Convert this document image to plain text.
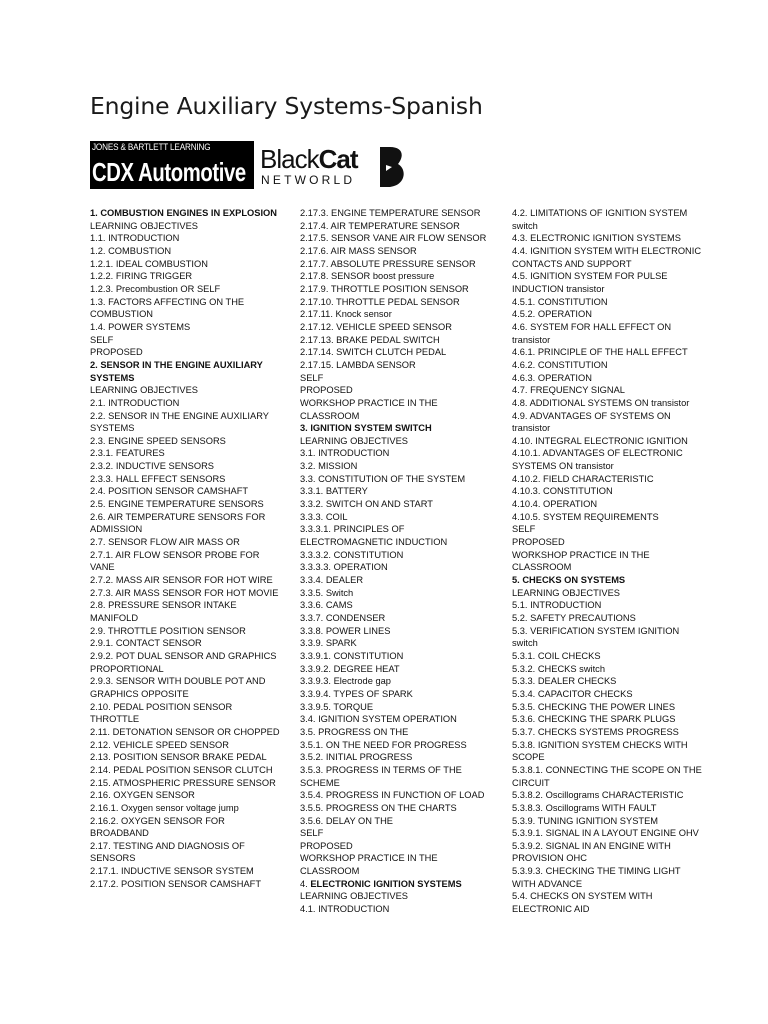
Engine Auxiliary Systems-Spanish
JONES & BARTLETT LEARNING
CDX Automotive BlackCat
NETWORLD
1. COMBUSTION ENGINES IN EXPLOSION
LEARNING OBJECTIVES
1.1. INTRODUCTION
1.2. COMBUSTION
1.2.1. IDEAL COMBUSTION
1.2.2. FIRING TRIGGER
1.2.3. Precombustion OR SELF
1.3. FACTORS AFFECTING ON THE COMBUSTION
1.4. POWER SYSTEMS
SELF
PROPOSED
2. SENSOR IN THE ENGINE AUXILIARY SYSTEMS
LEARNING OBJECTIVES
2.1. INTRODUCTION
2.2. SENSOR IN THE ENGINE AUXILIARY SYSTEMS
2.3. ENGINE SPEED SENSORS
2.3.1. FEATURES
2.3.2. INDUCTIVE SENSORS
2.3.3. HALL EFFECT SENSORS
2.4. POSITION SENSOR CAMSHAFT
2.5. ENGINE TEMPERATURE SENSORS
2.6. AIR TEMPERATURE SENSORS FOR ADMISSION
2.7. SENSOR FLOW AIR MASS OR
2.7.1. AIR FLOW SENSOR PROBE FOR VANE
2.7.2. MASS AIR SENSOR FOR HOT WIRE
2.7.3. AIR MASS SENSOR FOR HOT MOVIE
2.8. PRESSURE SENSOR INTAKE MANIFOLD
2.9. THROTTLE POSITION SENSOR
2.9.1. CONTACT SENSOR
2.9.2. POT DUAL SENSOR AND GRAPHICS PROPORTIONAL
2.9.3. SENSOR WITH DOUBLE POT AND GRAPHICS OPPOSITE
2.10. PEDAL POSITION SENSOR THROTTLE
2.11. DETONATION SENSOR OR CHOPPED
2.12. VEHICLE SPEED SENSOR
2.13. POSITION SENSOR BRAKE PEDAL
2.14. PEDAL POSITION SENSOR CLUTCH
2.15. ATMOSPHERIC PRESSURE SENSOR
2.16. OXYGEN SENSOR
2.16.1. Oxygen sensor voltage jump
2.16.2. OXYGEN SENSOR FOR BROADBAND
2.17. TESTING AND DIAGNOSIS OF SENSORS
2.17.1. INDUCTIVE SENSOR SYSTEM
2.17.2. POSITION SENSOR CAMSHAFT
2.17.3. ENGINE TEMPERATURE SENSOR
2.17.4. AIR TEMPERATURE SENSOR
2.17.5. SENSOR VANE AIR FLOW SENSOR
2.17.6. AIR MASS SENSOR
2.17.7. ABSOLUTE PRESSURE SENSOR
2.17.8. SENSOR boost pressure
2.17.9. THROTTLE POSITION SENSOR
2.17.10. THROTTLE PEDAL SENSOR
2.17.11. Knock sensor
2.17.12. VEHICLE SPEED SENSOR
2.17.13. BRAKE PEDAL SWITCH
2.17.14. SWITCH CLUTCH PEDAL
2.17.15. LAMBDA SENSOR
SELF
PROPOSED
WORKSHOP PRACTICE IN THE CLASSROOM
3. IGNITION SYSTEM SWITCH
LEARNING OBJECTIVES
3.1. INTRODUCTION
3.2. MISSION
3.3. CONSTITUTION OF THE SYSTEM
3.3.1. BATTERY
3.3.2. SWITCH ON AND START
3.3.3. COIL
3.3.3.1. PRINCIPLES OF ELECTROMAGNETIC INDUCTION
3.3.3.2. CONSTITUTION
3.3.3.3. OPERATION
3.3.4. DEALER
3.3.5. Switch
3.3.6. CAMS
3.3.7. CONDENSER
3.3.8. POWER LINES
3.3.9. SPARK
3.3.9.1. CONSTITUTION
3.3.9.2. DEGREE HEAT
3.3.9.3. Electrode gap
3.3.9.4. TYPES OF SPARK
3.3.9.5. TORQUE
3.4. IGNITION SYSTEM OPERATION
3.5. PROGRESS ON THE
3.5.1. ON THE NEED FOR PROGRESS
3.5.2. INITIAL PROGRESS
3.5.3. PROGRESS IN TERMS OF THE SCHEME
3.5.4. PROGRESS IN FUNCTION OF LOAD
3.5.5. PROGRESS ON THE CHARTS
3.5.6. DELAY ON THE
SELF
PROPOSED
WORKSHOP PRACTICE IN THE CLASSROOM
4. ELECTRONIC IGNITION SYSTEMS
LEARNING OBJECTIVES
4.1. INTRODUCTION
4.2. LIMITATIONS OF IGNITION SYSTEM switch
4.3. ELECTRONIC IGNITION SYSTEMS
4.4. IGNITION SYSTEM WITH ELECTRONIC CONTACTS AND SUPPORT
4.5. IGNITION SYSTEM FOR PULSE INDUCTION transistor
4.5.1. CONSTITUTION
4.5.2. OPERATION
4.6. SYSTEM FOR HALL EFFECT ON transistor
4.6.1. PRINCIPLE OF THE HALL EFFECT
4.6.2. CONSTITUTION
4.6.3. OPERATION
4.7. FREQUENCY SIGNAL
4.8. ADDITIONAL SYSTEMS ON transistor
4.9. ADVANTAGES OF SYSTEMS ON transistor
4.10. INTEGRAL ELECTRONIC IGNITION
4.10.1. ADVANTAGES OF ELECTRONIC SYSTEMS ON transistor
4.10.2. FIELD CHARACTERISTIC
4.10.3. CONSTITUTION
4.10.4. OPERATION
4.10.5. SYSTEM REQUIREMENTS
SELF
PROPOSED
WORKSHOP PRACTICE IN THE CLASSROOM
5. CHECKS ON SYSTEMS
LEARNING OBJECTIVES
5.1. INTRODUCTION
5.2. SAFETY PRECAUTIONS
5.3. VERIFICATION SYSTEM IGNITION switch
5.3.1. COIL CHECKS
5.3.2. CHECKS switch
5.3.3. DEALER CHECKS
5.3.4. CAPACITOR CHECKS
5.3.5. CHECKING THE POWER LINES
5.3.6. CHECKING THE SPARK PLUGS
5.3.7. CHECKS SYSTEMS PROGRESS
5.3.8. IGNITION SYSTEM CHECKS WITH SCOPE
5.3.8.1. CONNECTING THE SCOPE ON THE CIRCUIT
5.3.8.2. Oscillograms CHARACTERISTIC
5.3.8.3. Oscillograms WITH FAULT
5.3.9. TUNING IGNITION SYSTEM
5.3.9.1. SIGNAL IN A LAYOUT ENGINE OHV
5.3.9.2. SIGNAL IN AN ENGINE WITH PROVISION OHC
5.3.9.3. CHECKING THE TIMING LIGHT WITH ADVANCE
5.4. CHECKS ON SYSTEM WITH ELECTRONIC AID
